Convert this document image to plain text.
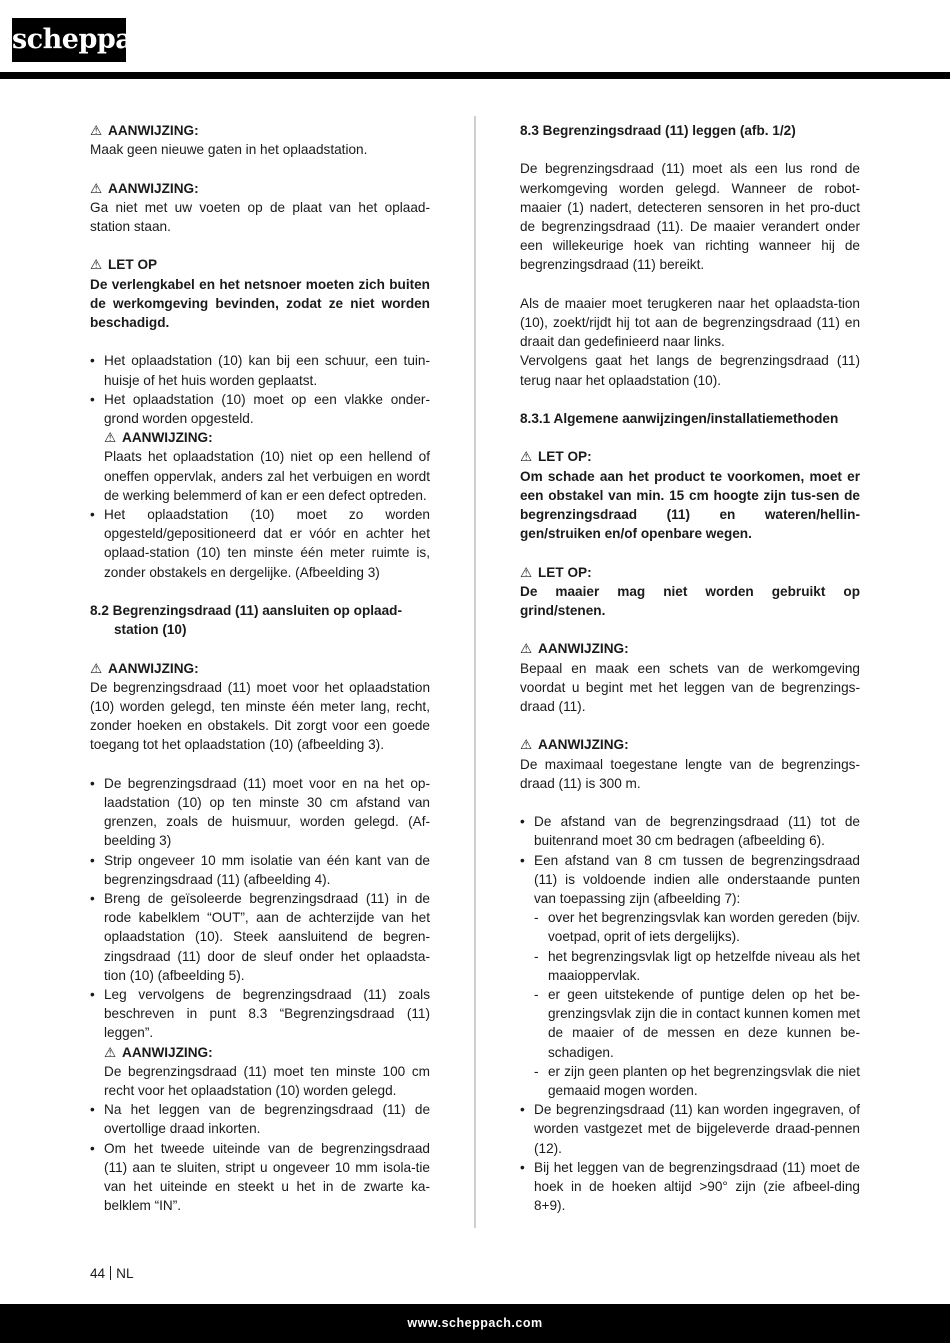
scheppach
⚠ AANWIJZING:
Maak geen nieuwe gaten in het oplaadstation.
⚠ AANWIJZING:
Ga niet met uw voeten op de plaat van het oplaad-station staan.
⚠ LET OP
De verlengkabel en het netsnoer moeten zich buiten de werkomgeving bevinden, zodat ze niet worden beschadigd.
• Het oplaadstation (10) kan bij een schuur, een tuin-huisje of het huis worden geplaatst.
• Het oplaadstation (10) moet op een vlakke onder-grond worden opgesteld.
⚠ AANWIJZING:
Plaats het oplaadstation (10) niet op een hellend of oneffen oppervlak, anders zal het verbuigen en wordt de werking belemmerd of kan er een defect optreden.
• Het oplaadstation (10) moet zo worden opgesteld/gepositioneerd dat er vóór en achter het oplaad-station (10) ten minste één meter ruimte is, zonder obstakels en dergelijke. (Afbeelding 3)
8.2 Begrenzingsdraad (11) aansluiten op oplaad-station (10)
⚠ AANWIJZING:
De begrenzingsdraad (11) moet voor het oplaadstation (10) worden gelegd, ten minste één meter lang, recht, zonder hoeken en obstakels. Dit zorgt voor een goede toegang tot het oplaadstation (10) (afbeelding 3).
• De begrenzingsdraad (11) moet voor en na het op-laadstation (10) op ten minste 30 cm afstand van grenzen, zoals de huismuur, worden gelegd. (Af-beelding 3)
• Strip ongeveer 10 mm isolatie van één kant van de begrenzingsdraad (11) (afbeelding 4).
• Breng de geïsoleerde begrenzingsdraad (11) in de rode kabelklem “OUT”, aan de achterzijde van het oplaadstation (10). Steek aansluitend de begren-zingsdraad (11) door de sleuf onder het oplaadsta-tion (10) (afbeelding 5).
• Leg vervolgens de begrenzingsdraad (11) zoals beschreven in punt 8.3 “Begrenzingsdraad (11) leggen”.
⚠ AANWIJZING:
De begrenzingsdraad (11) moet ten minste 100 cm recht voor het oplaadstation (10) worden gelegd.
• Na het leggen van de begrenzingsdraad (11) de overtollige draad inkorten.
• Om het tweede uiteinde van de begrenzingsdraad (11) aan te sluiten, stript u ongeveer 10 mm isola-tie van het uiteinde en steekt u het in de zwarte ka-belklem “IN”.
8.3 Begrenzingsdraad (11) leggen (afb. 1/2)
De begrenzingsdraad (11) moet als een lus rond de werkomgeving worden gelegd. Wanneer de robot-maaier (1) nadert, detecteren sensoren in het pro-duct de begrenzingsdraad (11). De maaier verandert onder een willekeurige hoek van richting wanneer hij de begrenzingsdraad (11) bereikt.
Als de maaier moet terugkeren naar het oplaadsta-tion (10), zoekt/rijdt hij tot aan de begrenzingsdraad (11) en draait dan gedefinieerd naar links.
Vervolgens gaat het langs de begrenzingsdraad (11) terug naar het oplaadstation (10).
8.3.1 Algemene aanwijzingen/installatiemethoden
⚠ LET OP:
Om schade aan het product te voorkomen, moet er een obstakel van min. 15 cm hoogte zijn tus-sen de begrenzingsdraad (11) en wateren/hellin-gen/struiken en/of openbare wegen.
⚠ LET OP:
De maaier mag niet worden gebruikt op grind/stenen.
⚠ AANWIJZING:
Bepaal en maak een schets van de werkomgeving voordat u begint met het leggen van de begrenzings-draad (11).
⚠ AANWIJZING:
De maximaal toegestane lengte van de begrenzings-draad (11) is 300 m.
• De afstand van de begrenzingsdraad (11) tot de buitenrand moet 30 cm bedragen (afbeelding 6).
• Een afstand van 8 cm tussen de begrenzingsdraad (11) is voldoende indien alle onderstaande punten van toepassing zijn (afbeelding 7):
- over het begrenzingsvlak kan worden gereden (bijv. voetpad, oprit of iets dergelijks).
- het begrenzingsvlak ligt op hetzelfde niveau als het maaioppervlak.
- er geen uitstekende of puntige delen op het be-grenzingsvlak zijn die in contact kunnen komen met de maaier of de messen en deze kunnen be-schadigen.
- er zijn geen planten op het begrenzingsvlak die niet gemaaid mogen worden.
• De begrenzingsdraad (11) kan worden ingegraven, of worden vastgezet met de bijgeleverde draad-pennen (12).
• Bij het leggen van de begrenzingsdraad (11) moet de hoek in de hoeken altijd >90° zijn (zie afbeel-ding 8+9).
44 NL
www.scheppach.com
